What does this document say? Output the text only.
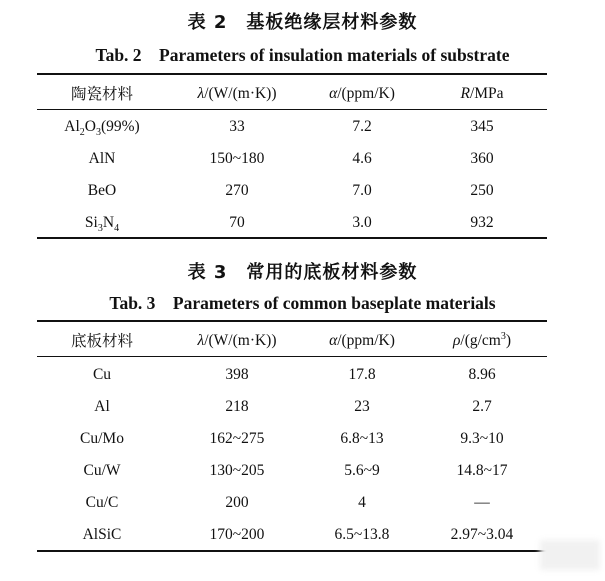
表 2　基板绝缘层材料参数
Tab. 2　Parameters of insulation materials of substrate
陶瓷材料	λ/(W/(m·K))	α/(ppm/K)	R/MPa
$Al_2O_3(99\%)$	33	7.2	345
AlN	150~180	4.6	360
BeO	270	7.0	250
$Si_3N_4$	70	3.0	932
表 3　常用的底板材料参数
Tab. 3　Parameters of common baseplate materials
底板材料	λ/(W/(m·K))	α/(ppm/K)	$\rho/(g/cm^3)$
Cu	398	17.8	8.96
Al	218	23	2.7
Cu/Mo	162~275	6.8~13	9.3~10
Cu/W	130~205	5.6~9	14.8~17
Cu/C	200	4	—
AlSiC	170~200	6.5~13.8	2.97~3.04
